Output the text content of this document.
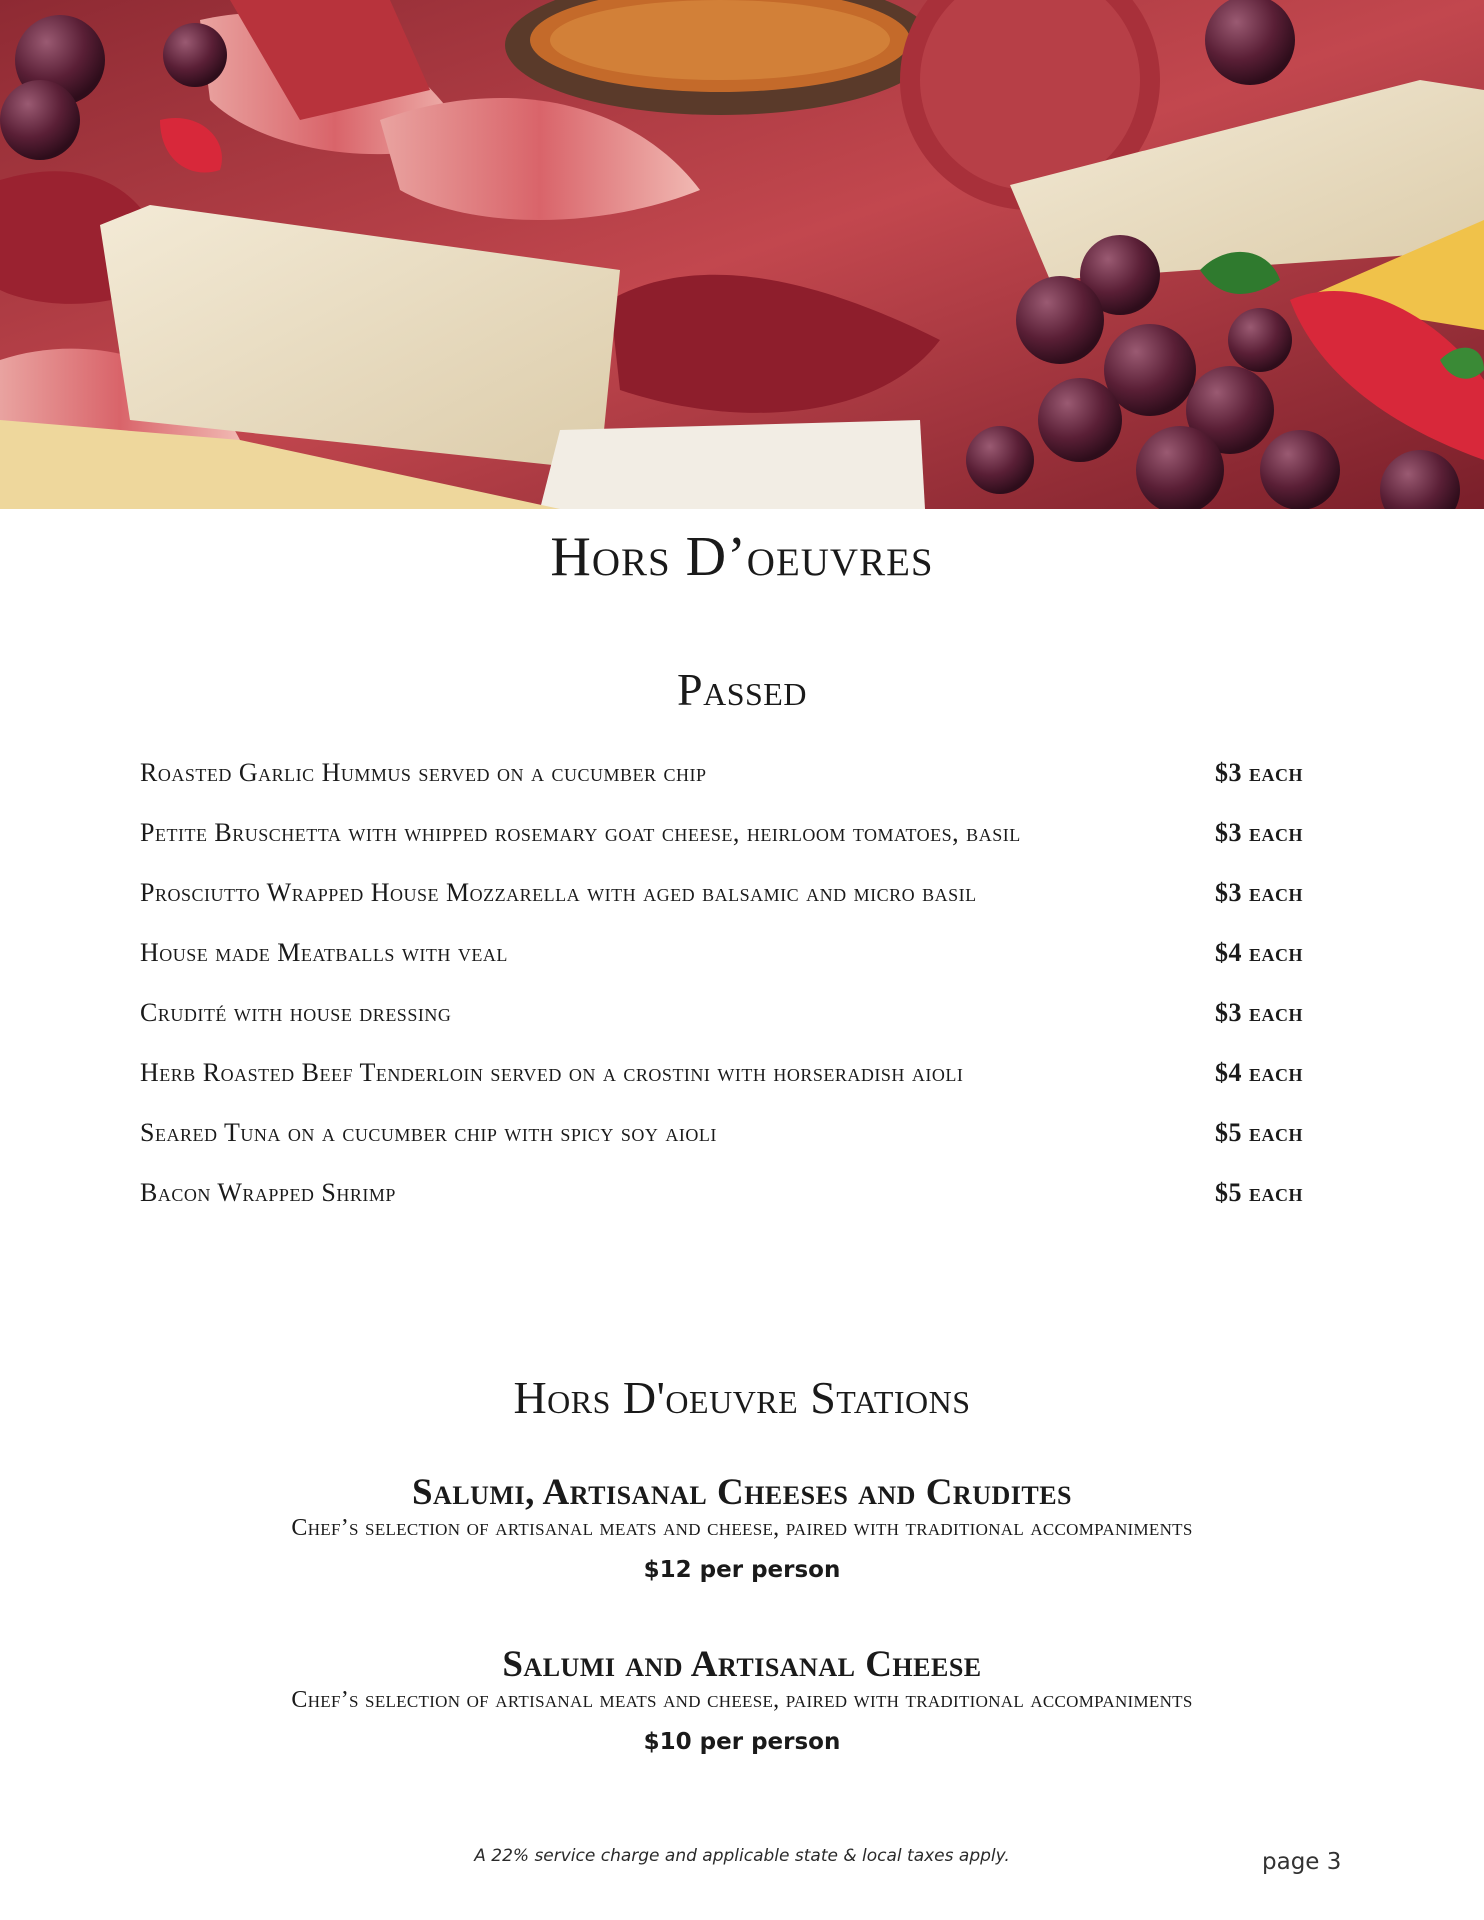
Hors D’oeuvres
Passed
Roasted Garlic Hummus served on a cucumber chip	$3 each
Petite Bruschetta with whipped rosemary goat cheese, heirloom tomatoes, basil	$3 each
Prosciutto Wrapped House Mozzarella with aged balsamic and micro basil	$3 each
House made Meatballs with veal	$4 each
Crudité with house dressing	$3 each
Herb Roasted Beef Tenderloin served on a crostini with horseradish aioli	$4 each
Seared Tuna on a cucumber chip with spicy soy aioli	$5 each
Bacon Wrapped Shrimp	$5 each
Hors D'oeuvre Stations
Salumi, Artisanal Cheeses and Crudites

Chef’s selection of artisanal meats and cheese, paired with traditional accompaniments

$12 per person
Salumi and Artisanal Cheese

Chef’s selection of artisanal meats and cheese, paired with traditional accompaniments

$10 per person
A 22% service charge and applicable state & local taxes apply.	page 3
